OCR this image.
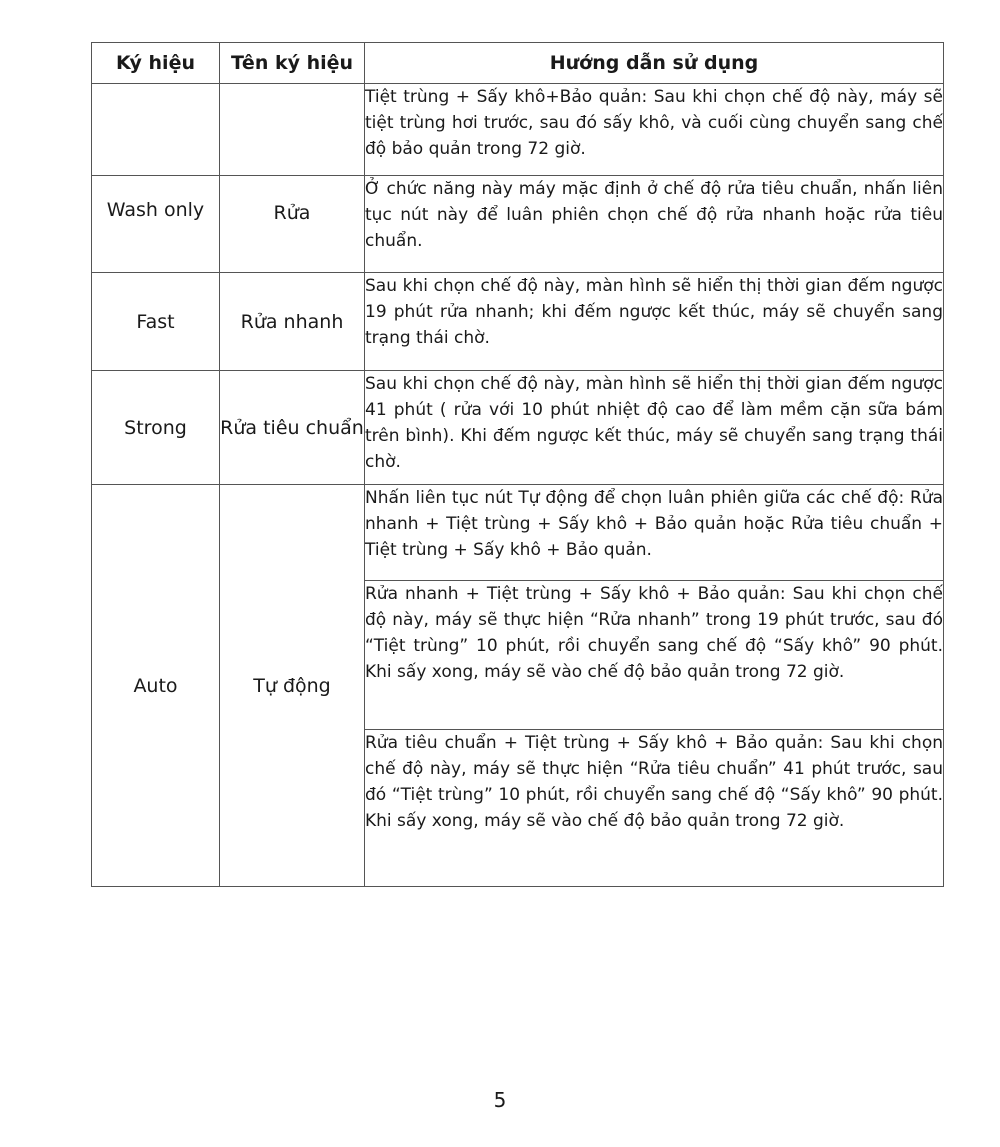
Ký hiệu	Tên ký hiệu	Hướng dẫn sử dụng
		Tiệt trùng + Sấy khô+Bảo quản: Sau khi chọn chế độ này, máy sẽ tiệt trùng hơi trước, sau đó sấy khô, và cuối cùng chuyển sang chế độ bảo quản trong 72 giờ.
Wash only	Rửa	Ở chức năng này máy mặc định ở chế độ rửa tiêu chuẩn, nhấn liên tục nút này để luân phiên chọn chế độ rửa nhanh hoặc rửa tiêu chuẩn.
Fast	Rửa nhanh	Sau khi chọn chế độ này, màn hình sẽ hiển thị thời gian đếm ngược 19 phút rửa nhanh; khi đếm ngược kết thúc, máy sẽ chuyển sang trạng thái chờ.
Strong	Rửa tiêu chuẩn	Sau khi chọn chế độ này, màn hình sẽ hiển thị thời gian đếm ngược 41 phút ( rửa với 10 phút nhiệt độ cao để làm mềm cặn sữa bám trên bình). Khi đếm ngược kết thúc, máy sẽ chuyển sang trạng thái chờ.
Auto	Tự động	Nhấn liên tục nút Tự động để chọn luân phiên giữa các chế độ: Rửa nhanh + Tiệt trùng + Sấy khô + Bảo quản hoặc Rửa tiêu chuẩn + Tiệt trùng + Sấy khô + Bảo quản.
		Rửa nhanh + Tiệt trùng + Sấy khô + Bảo quản: Sau khi chọn chế độ này, máy sẽ thực hiện “Rửa nhanh” trong 19 phút trước, sau đó “Tiệt trùng” 10 phút, rồi chuyển sang chế độ “Sấy khô” 90 phút. Khi sấy xong, máy sẽ vào chế độ bảo quản trong 72 giờ.
		Rửa tiêu chuẩn + Tiệt trùng + Sấy khô + Bảo quản: Sau khi chọn chế độ này, máy sẽ thực hiện “Rửa tiêu chuẩn” 41 phút trước, sau đó “Tiệt trùng” 10 phút, rồi chuyển sang chế độ “Sấy khô” 90 phút. Khi sấy xong, máy sẽ vào chế độ bảo quản trong 72 giờ.
5
